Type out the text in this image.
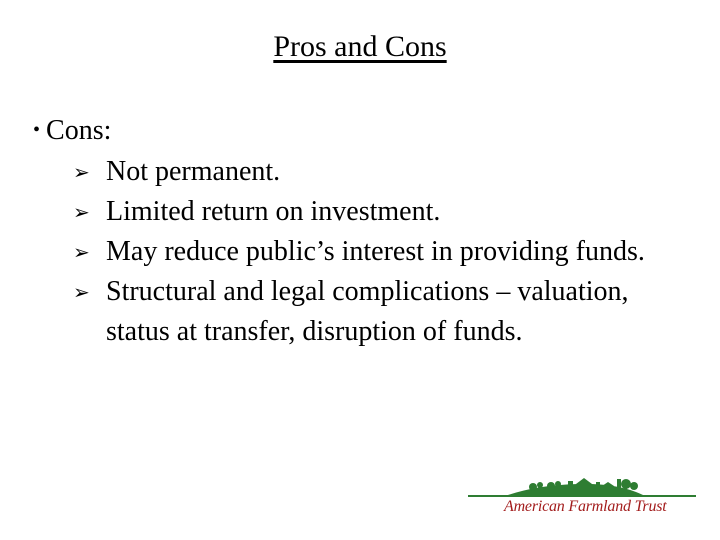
Pros and Cons
• Cons:
➢ Not permanent.
➢ Limited return on investment.
➢ May reduce public’s interest in providing funds.
➢ Structural and legal complications – valuation, status at transfer, disruption of funds.
American Farmland Trust
